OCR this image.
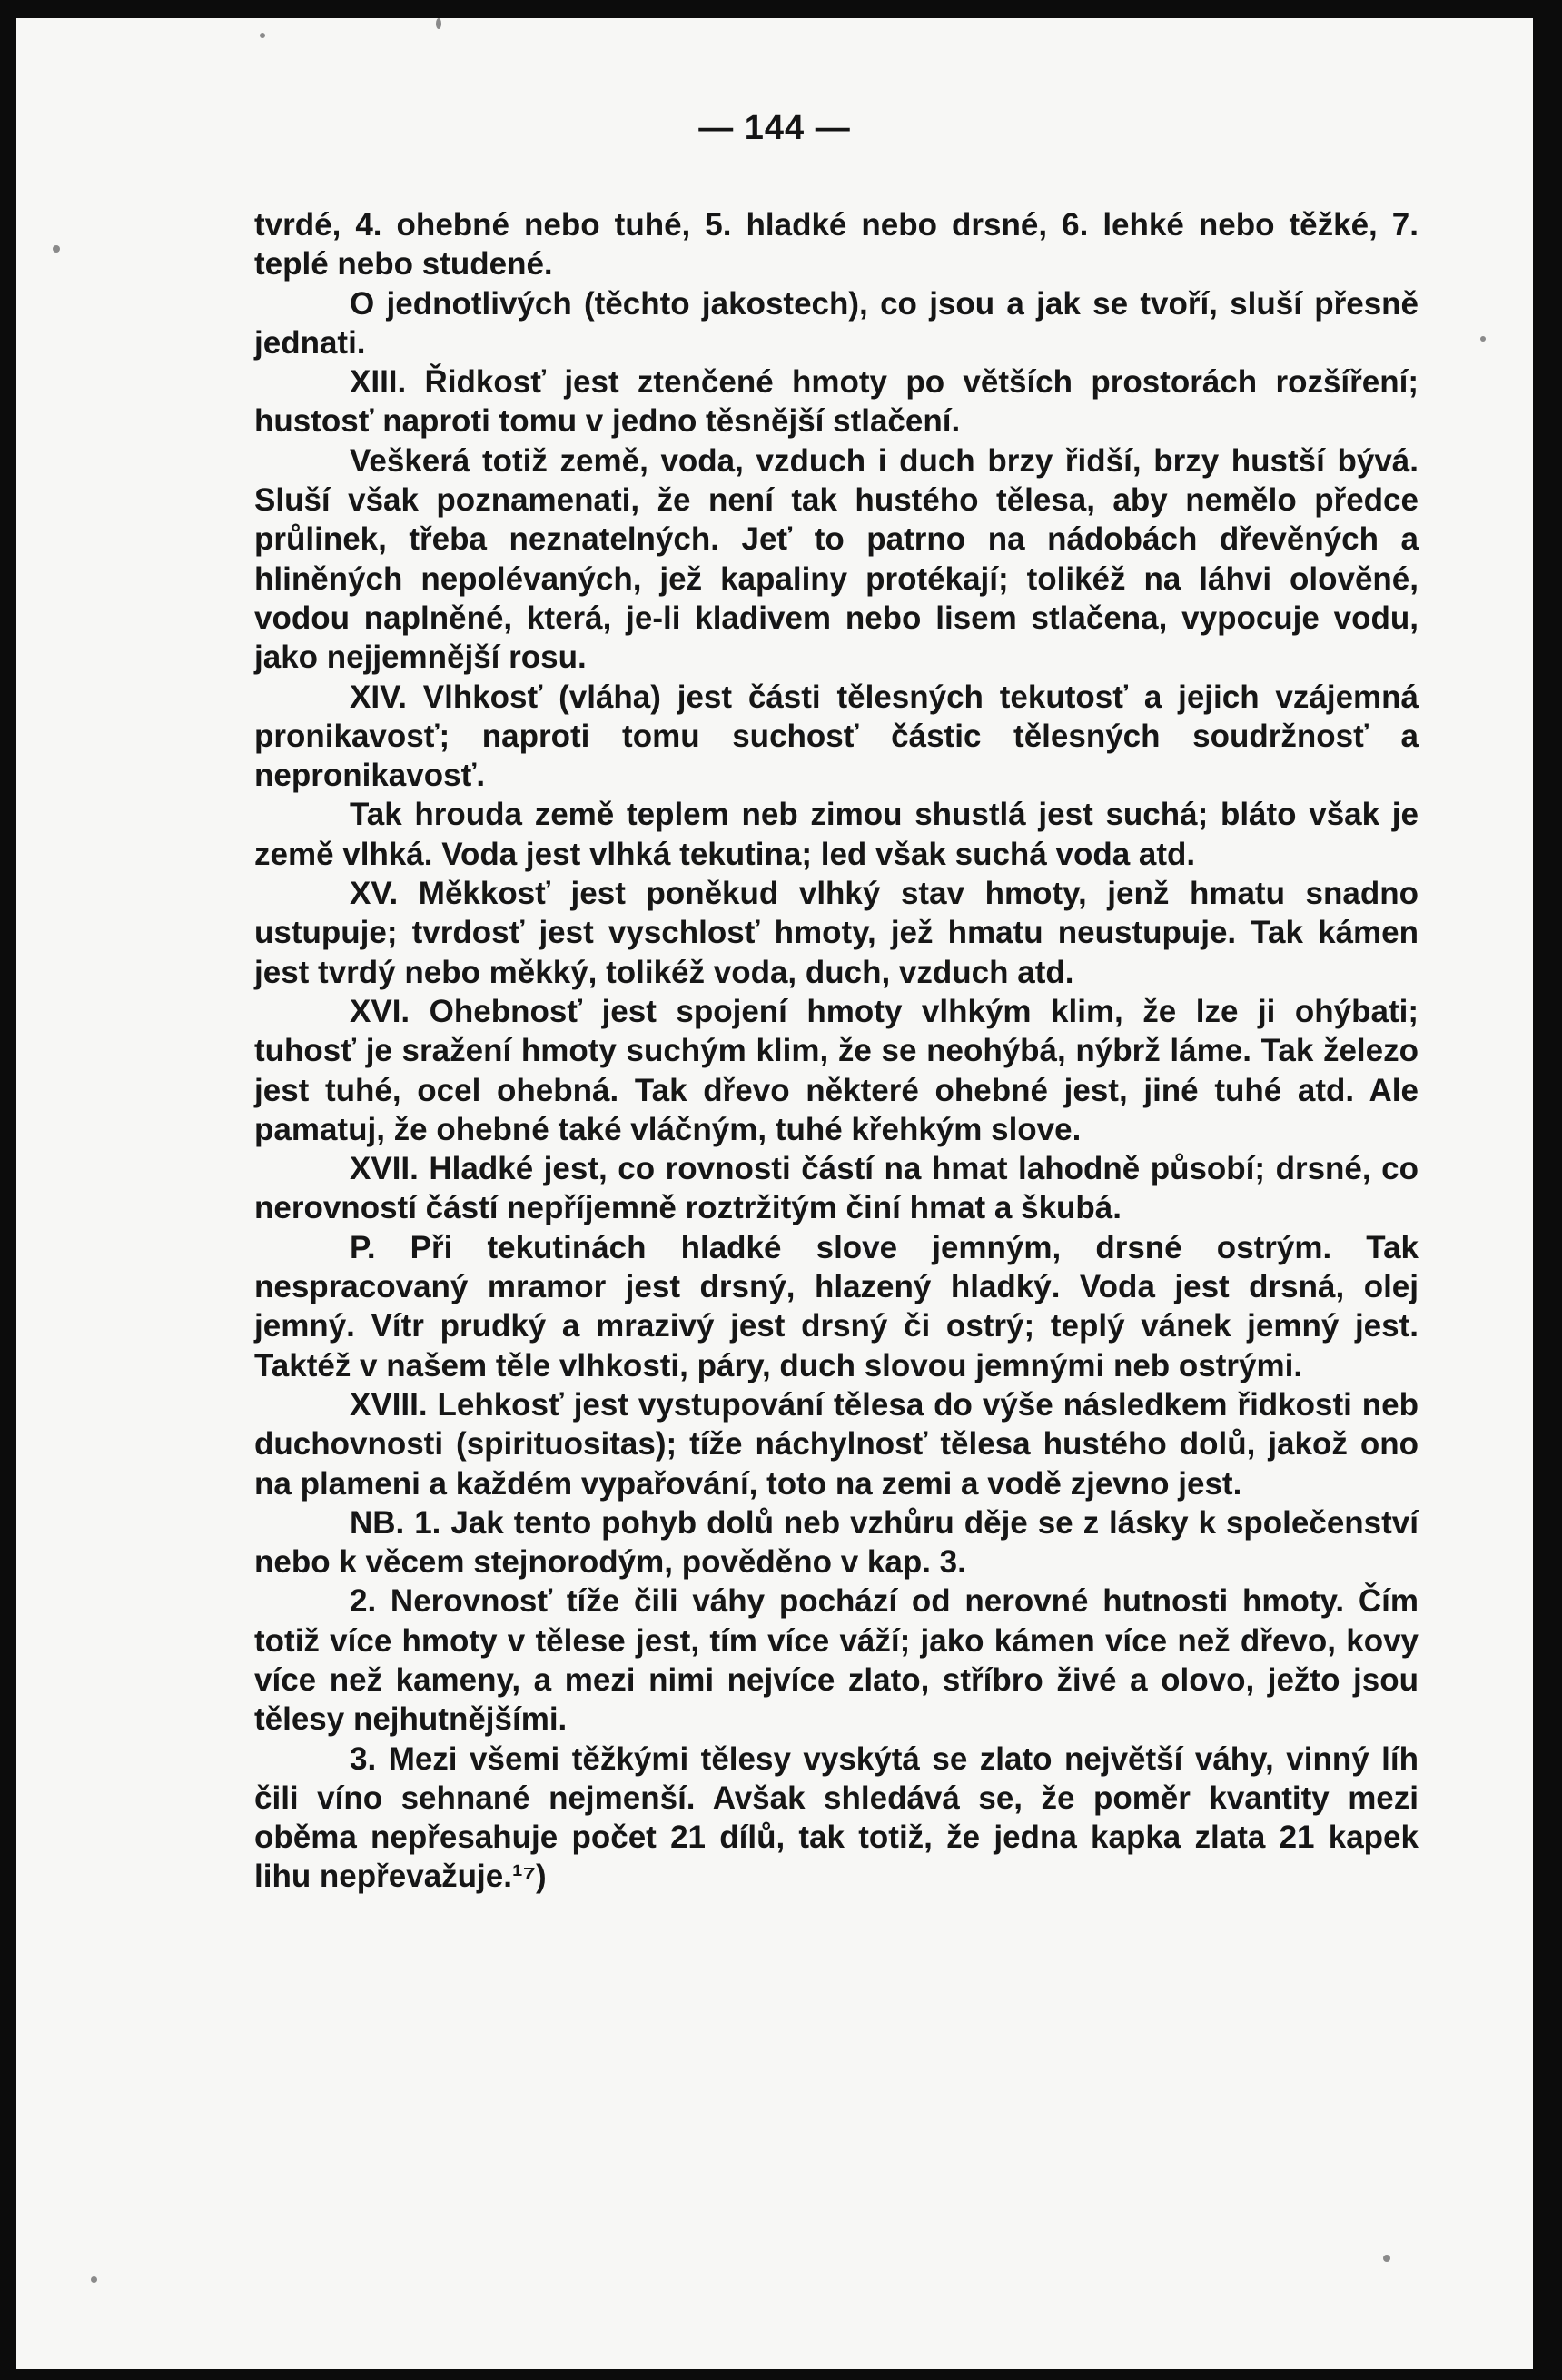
— 144 —

tvrdé, 4. ohebné nebo tuhé, 5. hladké nebo drsné, 6. lehké nebo těžké, 7. teplé nebo studené.

O jednotlivých (těchto jakostech), co jsou a jak se tvoří, sluší přesně jednati.

XIII. Řidkosť jest ztenčené hmoty po větších prostorách rozšíření; hustosť naproti tomu v jedno těsnější stlačení.

Veškerá totiž země, voda, vzduch i duch brzy řidší, brzy hustší bývá. Sluší však poznamenati, že není tak hustého tělesa, aby nemělo předce průlinek, třeba neznatelných. Jeť to patrno na nádobách dřevěných a hliněných nepolévaných, jež kapaliny protékají; tolikéž na láhvi olověné, vodou naplněné, která, je-li kladivem nebo lisem stlačena, vypocuje vodu, jako nejjemnější rosu.

XIV. Vlhkosť (vláha) jest části tělesných tekutosť a jejich vzájemná pronikavosť; naproti tomu suchosť částic tělesných soudržnosť a nepronikavosť.

Tak hrouda země teplem neb zimou shustlá jest suchá; bláto však je země vlhká. Voda jest vlhká tekutina; led však suchá voda atd.

XV. Měkkosť jest poněkud vlhký stav hmoty, jenž hmatu snadno ustupuje; tvrdosť jest vyschlosť hmoty, jež hmatu neustupuje. Tak kámen jest tvrdý nebo měkký, tolikéž voda, duch, vzduch atd.

XVI. Ohebnosť jest spojení hmoty vlhkým klim, že lze ji ohýbati; tuhosť je sražení hmoty suchým klim, že se neohýbá, nýbrž láme. Tak železo jest tuhé, ocel ohebná. Tak dřevo některé ohebné jest, jiné tuhé atd. Ale pamatuj, že ohebné také vláčným, tuhé křehkým slove.

XVII. Hladké jest, co rovnosti částí na hmat lahodně působí; drsné, co nerovností částí nepříjemně roztržitým činí hmat a škubá.

P. Při tekutinách hladké slove jemným, drsné ostrým. Tak nespracovaný mramor jest drsný, hlazený hladký. Voda jest drsná, olej jemný. Vítr prudký a mrazivý jest drsný či ostrý; teplý vánek jemný jest. Taktéž v našem těle vlhkosti, páry, duch slovou jemnými neb ostrými.

XVIII. Lehkosť jest vystupování tělesa do výše následkem řidkosti neb duchovnosti (spirituositas); tíže náchylnosť tělesa hustého dolů, jakož ono na plameni a každém vypařování, toto na zemi a vodě zjevno jest.

NB. 1. Jak tento pohyb dolů neb vzhůru děje se z lásky k společenství nebo k věcem stejnorodým, pověděno v kap. 3.

2. Nerovnosť tíže čili váhy pochází od nerovné hutnosti hmoty. Čím totiž více hmoty v tělese jest, tím více váží; jako kámen více než dřevo, kovy více než kameny, a mezi nimi nejvíce zlato, stříbro živé a olovo, ježto jsou tělesy nejhutnějšími.

3. Mezi všemi těžkými tělesy vyskýtá se zlato největší váhy, vinný líh čili víno sehnané nejmenší. Avšak shledává se, že poměr kvantity mezi oběma nepřesahuje počet 21 dílů, tak totiž, že jedna kapka zlata 21 kapek lihu nepřevažuje.¹⁷)
